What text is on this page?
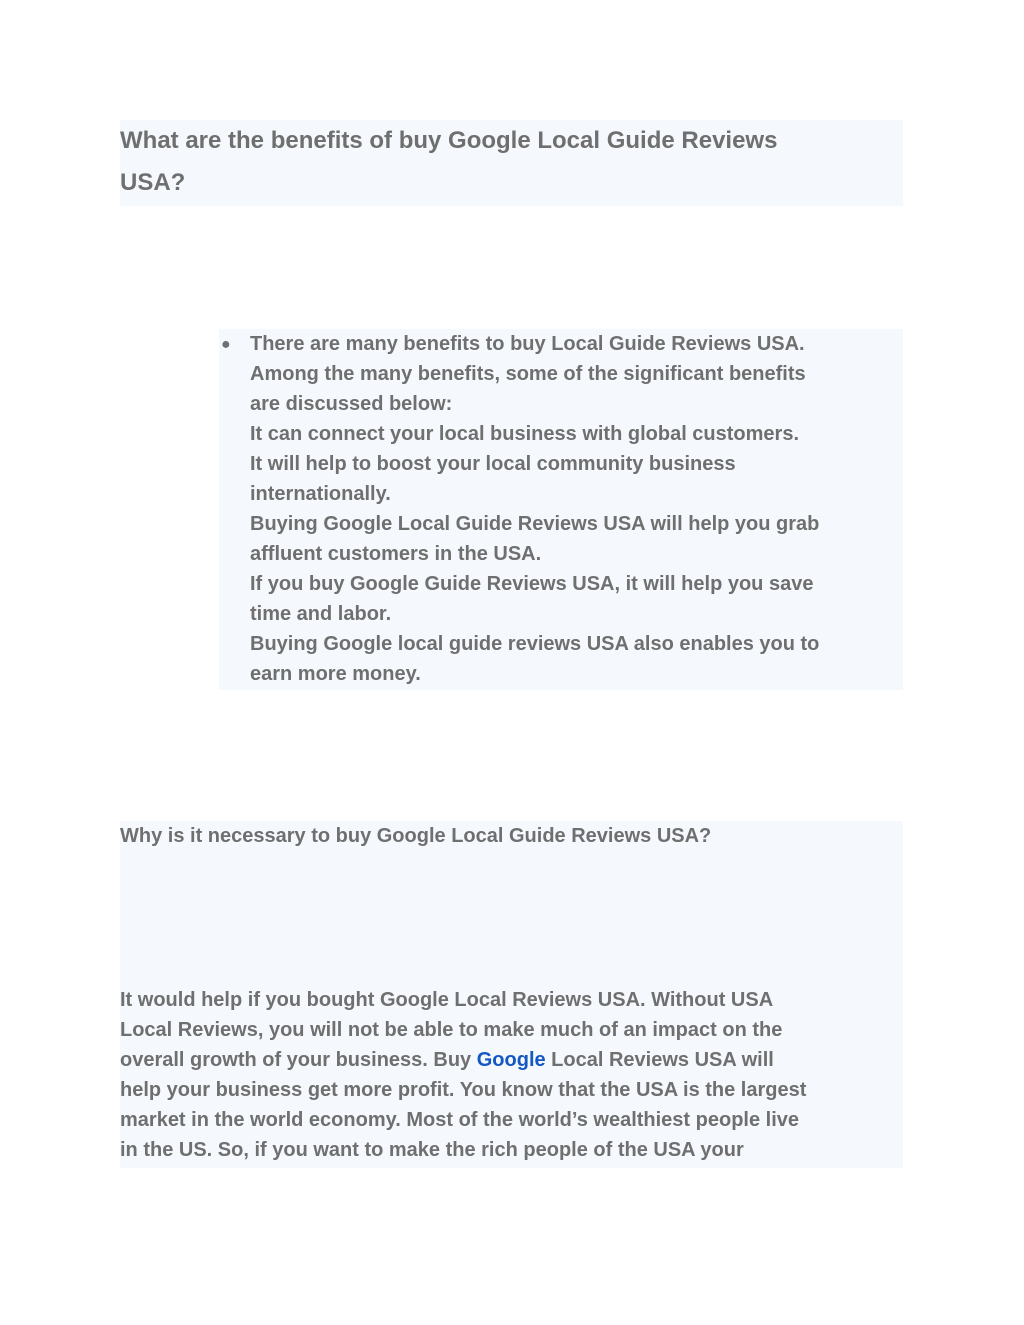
What are the benefits of buy Google Local Guide Reviews
USA?
● There are many benefits to buy Local Guide Reviews USA.
Among the many benefits, some of the significant benefits
are discussed below:
It can connect your local business with global customers.
It will help to boost your local community business
internationally.
Buying Google Local Guide Reviews USA will help you grab
affluent customers in the USA.
If you buy Google Guide Reviews USA, it will help you save
time and labor.
Buying Google local guide reviews USA also enables you to
earn more money.
Why is it necessary to buy Google Local Guide Reviews USA?
It would help if you bought Google Local Reviews USA. Without USA
Local Reviews, you will not be able to make much of an impact on the
overall growth of your business. Buy Google Local Reviews USA will
help your business get more profit. You know that the USA is the largest
market in the world economy. Most of the world’s wealthiest people live
in the US. So, if you want to make the rich people of the USA your
